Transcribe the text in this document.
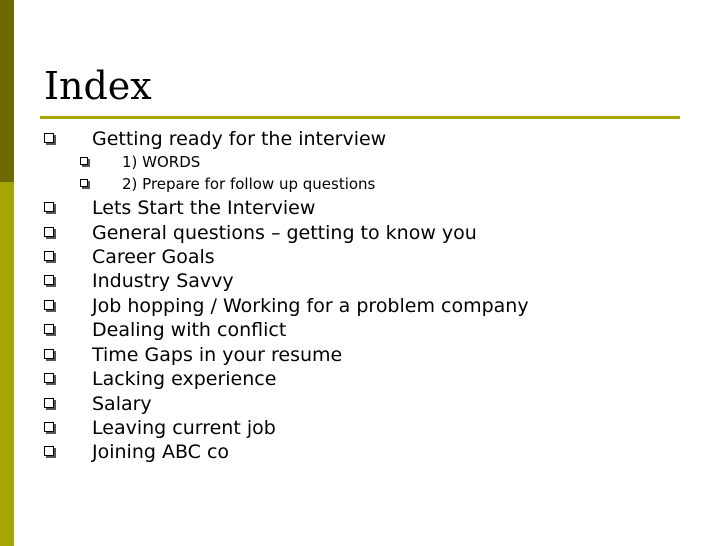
Index
Getting ready for the interview
1) WORDS
2) Prepare for follow up questions
Lets Start the Interview
General questions – getting to know you
Career Goals
Industry Savvy
Job hopping / Working for a problem company
Dealing with conflict
Time Gaps in your resume
Lacking experience
Salary
Leaving current job
Joining ABC co
